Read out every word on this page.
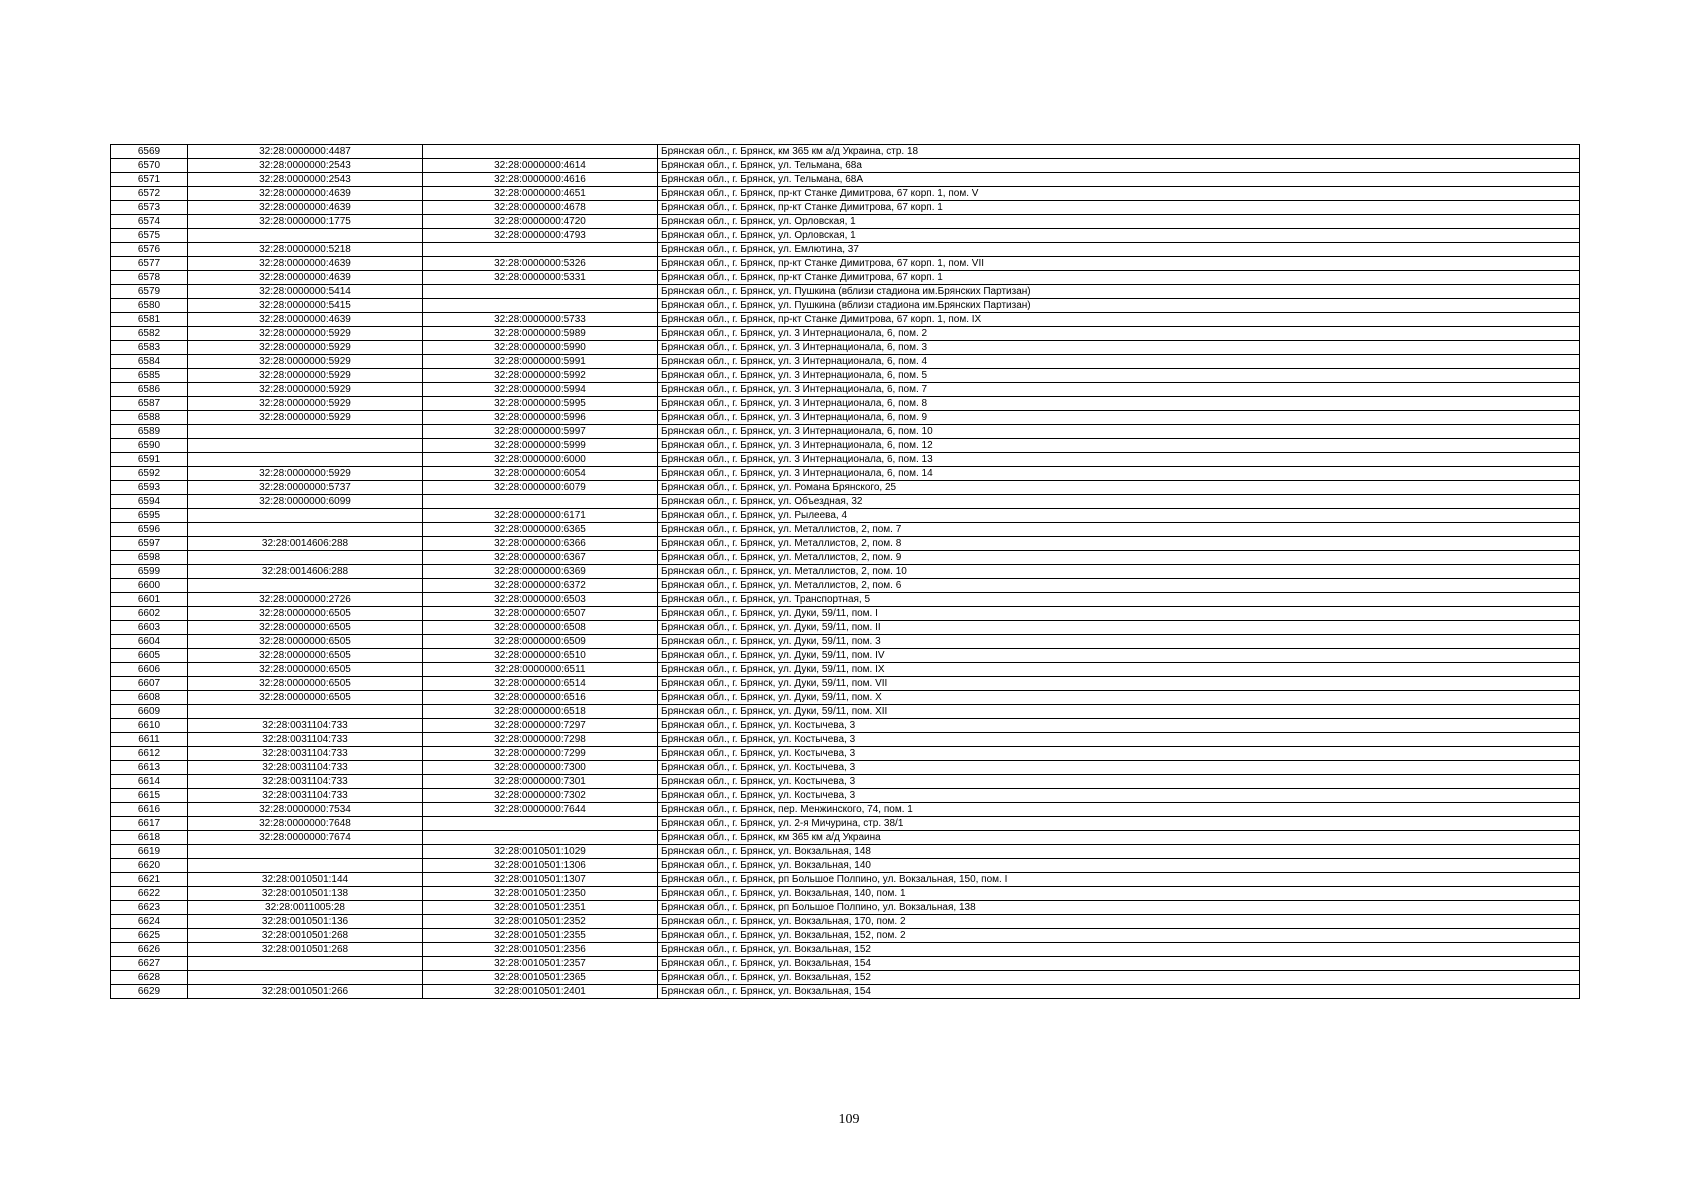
6569	32:28:0000000:4487		Брянская обл., г. Брянск, км 365 км а/д Украина, стр. 18
6570	32:28:0000000:2543	32:28:0000000:4614	Брянская обл., г. Брянск, ул. Тельмана, 68а
6571	32:28:0000000:2543	32:28:0000000:4616	Брянская обл., г. Брянск, ул. Тельмана, 68А
6572	32:28:0000000:4639	32:28:0000000:4651	Брянская обл., г. Брянск, пр-кт Станке Димитрова, 67 корп. 1, пом. V
6573	32:28:0000000:4639	32:28:0000000:4678	Брянская обл., г. Брянск, пр-кт Станке Димитрова, 67 корп. 1
6574	32:28:0000000:1775	32:28:0000000:4720	Брянская обл., г. Брянск, ул. Орловская, 1
6575		32:28:0000000:4793	Брянская обл., г. Брянск, ул. Орловская, 1
6576	32:28:0000000:5218		Брянская обл., г. Брянск, ул. Емлютина, 37
6577	32:28:0000000:4639	32:28:0000000:5326	Брянская обл., г. Брянск, пр-кт Станке Димитрова, 67 корп. 1, пом. VII
6578	32:28:0000000:4639	32:28:0000000:5331	Брянская обл., г. Брянск, пр-кт Станке Димитрова, 67 корп. 1
6579	32:28:0000000:5414		Брянская обл., г. Брянск, ул. Пушкина (вблизи стадиона им.Брянских Партизан)
6580	32:28:0000000:5415		Брянская обл., г. Брянск, ул. Пушкина (вблизи стадиона им.Брянских Партизан)
6581	32:28:0000000:4639	32:28:0000000:5733	Брянская обл., г. Брянск, пр-кт Станке Димитрова, 67 корп. 1, пом. IX
6582	32:28:0000000:5929	32:28:0000000:5989	Брянская обл., г. Брянск, ул. 3 Интернационала, 6, пом. 2
6583	32:28:0000000:5929	32:28:0000000:5990	Брянская обл., г. Брянск, ул. 3 Интернационала, 6, пом. 3
6584	32:28:0000000:5929	32:28:0000000:5991	Брянская обл., г. Брянск, ул. 3 Интернационала, 6, пом. 4
6585	32:28:0000000:5929	32:28:0000000:5992	Брянская обл., г. Брянск, ул. 3 Интернационала, 6, пом. 5
6586	32:28:0000000:5929	32:28:0000000:5994	Брянская обл., г. Брянск, ул. 3 Интернационала, 6, пом. 7
6587	32:28:0000000:5929	32:28:0000000:5995	Брянская обл., г. Брянск, ул. 3 Интернационала, 6, пом. 8
6588	32:28:0000000:5929	32:28:0000000:5996	Брянская обл., г. Брянск, ул. 3 Интернационала, 6, пом. 9
6589		32:28:0000000:5997	Брянская обл., г. Брянск, ул. 3 Интернационала, 6, пом. 10
6590		32:28:0000000:5999	Брянская обл., г. Брянск, ул. 3 Интернационала, 6, пом. 12
6591		32:28:0000000:6000	Брянская обл., г. Брянск, ул. 3 Интернационала, 6, пом. 13
6592	32:28:0000000:5929	32:28:0000000:6054	Брянская обл., г. Брянск, ул. 3 Интернационала, 6, пом. 14
6593	32:28:0000000:5737	32:28:0000000:6079	Брянская обл., г. Брянск, ул. Романа Брянского, 25
6594	32:28:0000000:6099		Брянская обл., г. Брянск, ул. Объездная, 32
6595		32:28:0000000:6171	Брянская обл., г. Брянск, ул. Рылеева, 4
6596		32:28:0000000:6365	Брянская обл., г. Брянск, ул. Металлистов, 2, пом. 7
6597	32:28:0014606:288	32:28:0000000:6366	Брянская обл., г. Брянск, ул. Металлистов, 2, пом. 8
6598		32:28:0000000:6367	Брянская обл., г. Брянск, ул. Металлистов, 2, пом. 9
6599	32:28:0014606:288	32:28:0000000:6369	Брянская обл., г. Брянск, ул. Металлистов, 2, пом. 10
6600		32:28:0000000:6372	Брянская обл., г. Брянск, ул. Металлистов, 2, пом. 6
6601	32:28:0000000:2726	32:28:0000000:6503	Брянская обл., г. Брянск, ул. Транспортная, 5
6602	32:28:0000000:6505	32:28:0000000:6507	Брянская обл., г. Брянск, ул. Дуки, 59/11, пом. I
6603	32:28:0000000:6505	32:28:0000000:6508	Брянская обл., г. Брянск, ул. Дуки, 59/11, пом. II
6604	32:28:0000000:6505	32:28:0000000:6509	Брянская обл., г. Брянск, ул. Дуки, 59/11, пом. 3
6605	32:28:0000000:6505	32:28:0000000:6510	Брянская обл., г. Брянск, ул. Дуки, 59/11, пом. IV
6606	32:28:0000000:6505	32:28:0000000:6511	Брянская обл., г. Брянск, ул. Дуки, 59/11, пом. IX
6607	32:28:0000000:6505	32:28:0000000:6514	Брянская обл., г. Брянск, ул. Дуки, 59/11, пом. VII
6608	32:28:0000000:6505	32:28:0000000:6516	Брянская обл., г. Брянск, ул. Дуки, 59/11, пом. X
6609		32:28:0000000:6518	Брянская обл., г. Брянск, ул. Дуки, 59/11, пом. XII
6610	32:28:0031104:733	32:28:0000000:7297	Брянская обл., г. Брянск, ул. Костычева, 3
6611	32:28:0031104:733	32:28:0000000:7298	Брянская обл., г. Брянск, ул. Костычева, 3
6612	32:28:0031104:733	32:28:0000000:7299	Брянская обл., г. Брянск, ул. Костычева, 3
6613	32:28:0031104:733	32:28:0000000:7300	Брянская обл., г. Брянск, ул. Костычева, 3
6614	32:28:0031104:733	32:28:0000000:7301	Брянская обл., г. Брянск, ул. Костычева, 3
6615	32:28:0031104:733	32:28:0000000:7302	Брянская обл., г. Брянск, ул. Костычева, 3
6616	32:28:0000000:7534	32:28:0000000:7644	Брянская обл., г. Брянск, пер. Менжинского, 74, пом. 1
6617	32:28:0000000:7648		Брянская обл., г. Брянск, ул. 2-я Мичурина, стр. 38/1
6618	32:28:0000000:7674		Брянская обл., г. Брянск, км 365 км а/д Украина
6619		32:28:0010501:1029	Брянская обл., г. Брянск, ул. Вокзальная, 148
6620		32:28:0010501:1306	Брянская обл., г. Брянск, ул. Вокзальная, 140
6621	32:28:0010501:144	32:28:0010501:1307	Брянская обл., г. Брянск, рп Большое Полпино, ул. Вокзальная, 150, пом. I
6622	32:28:0010501:138	32:28:0010501:2350	Брянская обл., г. Брянск, ул. Вокзальная, 140, пом. 1
6623	32:28:0011005:28	32:28:0010501:2351	Брянская обл., г. Брянск, рп Большое Полпино, ул. Вокзальная, 138
6624	32:28:0010501:136	32:28:0010501:2352	Брянская обл., г. Брянск, ул. Вокзальная, 170, пом. 2
6625	32:28:0010501:268	32:28:0010501:2355	Брянская обл., г. Брянск, ул. Вокзальная, 152, пом. 2
6626	32:28:0010501:268	32:28:0010501:2356	Брянская обл., г. Брянск, ул. Вокзальная, 152
6627		32:28:0010501:2357	Брянская обл., г. Брянск, ул. Вокзальная, 154
6628		32:28:0010501:2365	Брянская обл., г. Брянск, ул. Вокзальная, 152
6629	32:28:0010501:266	32:28:0010501:2401	Брянская обл., г. Брянск, ул. Вокзальная, 154
109
